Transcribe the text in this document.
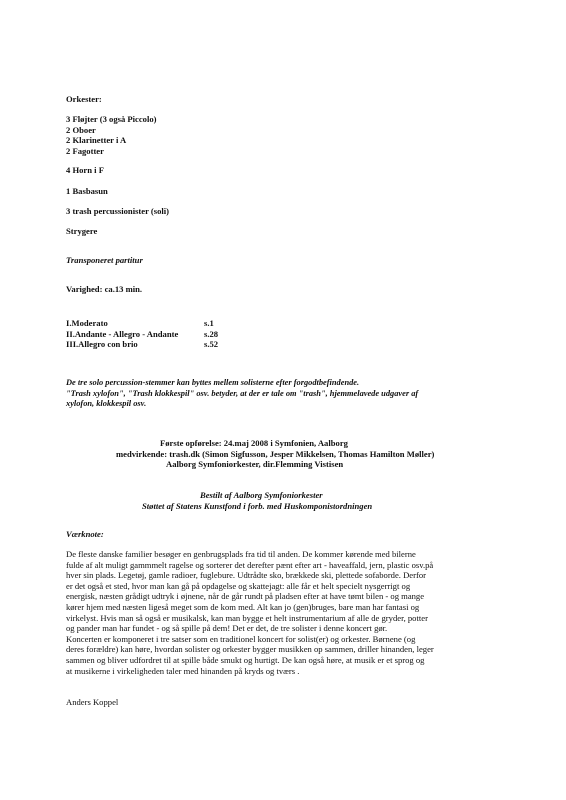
Orkester:
3 Fløjter (3 også Piccolo)
2 Oboer
2 Klarinetter i A
2 Fagotter
4 Horn i F
1 Basbasun
3 trash percussionister (soli)
Strygere
Transponeret partitur
Varighed: ca.13 min.
I.Moderato	s.1
II.Andante - Allegro - Andante	s.28
III.Allegro con brio	s.52
De tre solo percussion-stemmer kan byttes mellem solisterne efter forgodtbefindende.
"Trash xylofon", "Trash klokkespil" osv. betyder, at der er tale om "trash", hjemmelavede udgaver af
xylofon, klokkespil osv.
Første opførelse: 24.maj 2008 i Symfonien, Aalborg
medvirkende: trash.dk (Simon Sigfusson, Jesper Mikkelsen, Thomas Hamilton Møller)
Aalborg Symfoniorkester, dir.Flemming Vistisen
Bestilt af Aalborg Symfoniorkester
Støttet af Statens Kunstfond i forb. med Huskomponistordningen
Værknote:
De fleste danske familier besøger en genbrugsplads fra tid til anden. De kommer kørende med bilerne
fulde af alt muligt gammmelt ragelse og sorterer det derefter pænt efter art - haveaffald, jern, plastic osv.på
hver sin plads. Legetøj, gamle radioer, fuglebure. Udtrådte sko, brækkede ski, plettede sofaborde. Derfor
er det også et sted, hvor man kan gå på opdagelse og skattejagt: alle får et helt specielt nysgerrigt og
energisk, næsten grådigt udtryk i øjnene, når de går rundt på pladsen efter at have tømt bilen - og mange
kører hjem med næsten ligeså meget som de kom med. Alt kan jo (gen)bruges, bare man har fantasi og
virkelyst. Hvis man så også er musikalsk, kan man bygge et helt instrumentarium af alle de gryder, potter
og pander man har fundet - og så spille på dem! Det er det, de tre solister i denne koncert gør.
Koncerten er komponeret i tre satser som en traditionel koncert for solist(er) og orkester. Børnene (og
deres forældre) kan høre, hvordan solister og orkester bygger musikken op sammen, driller hinanden, leger
sammen og bliver udfordret til at spille både smukt og hurtigt. De kan også høre, at musik er et sprog og
at musikerne i virkeligheden taler med hinanden på kryds og tværs .
Anders Koppel
